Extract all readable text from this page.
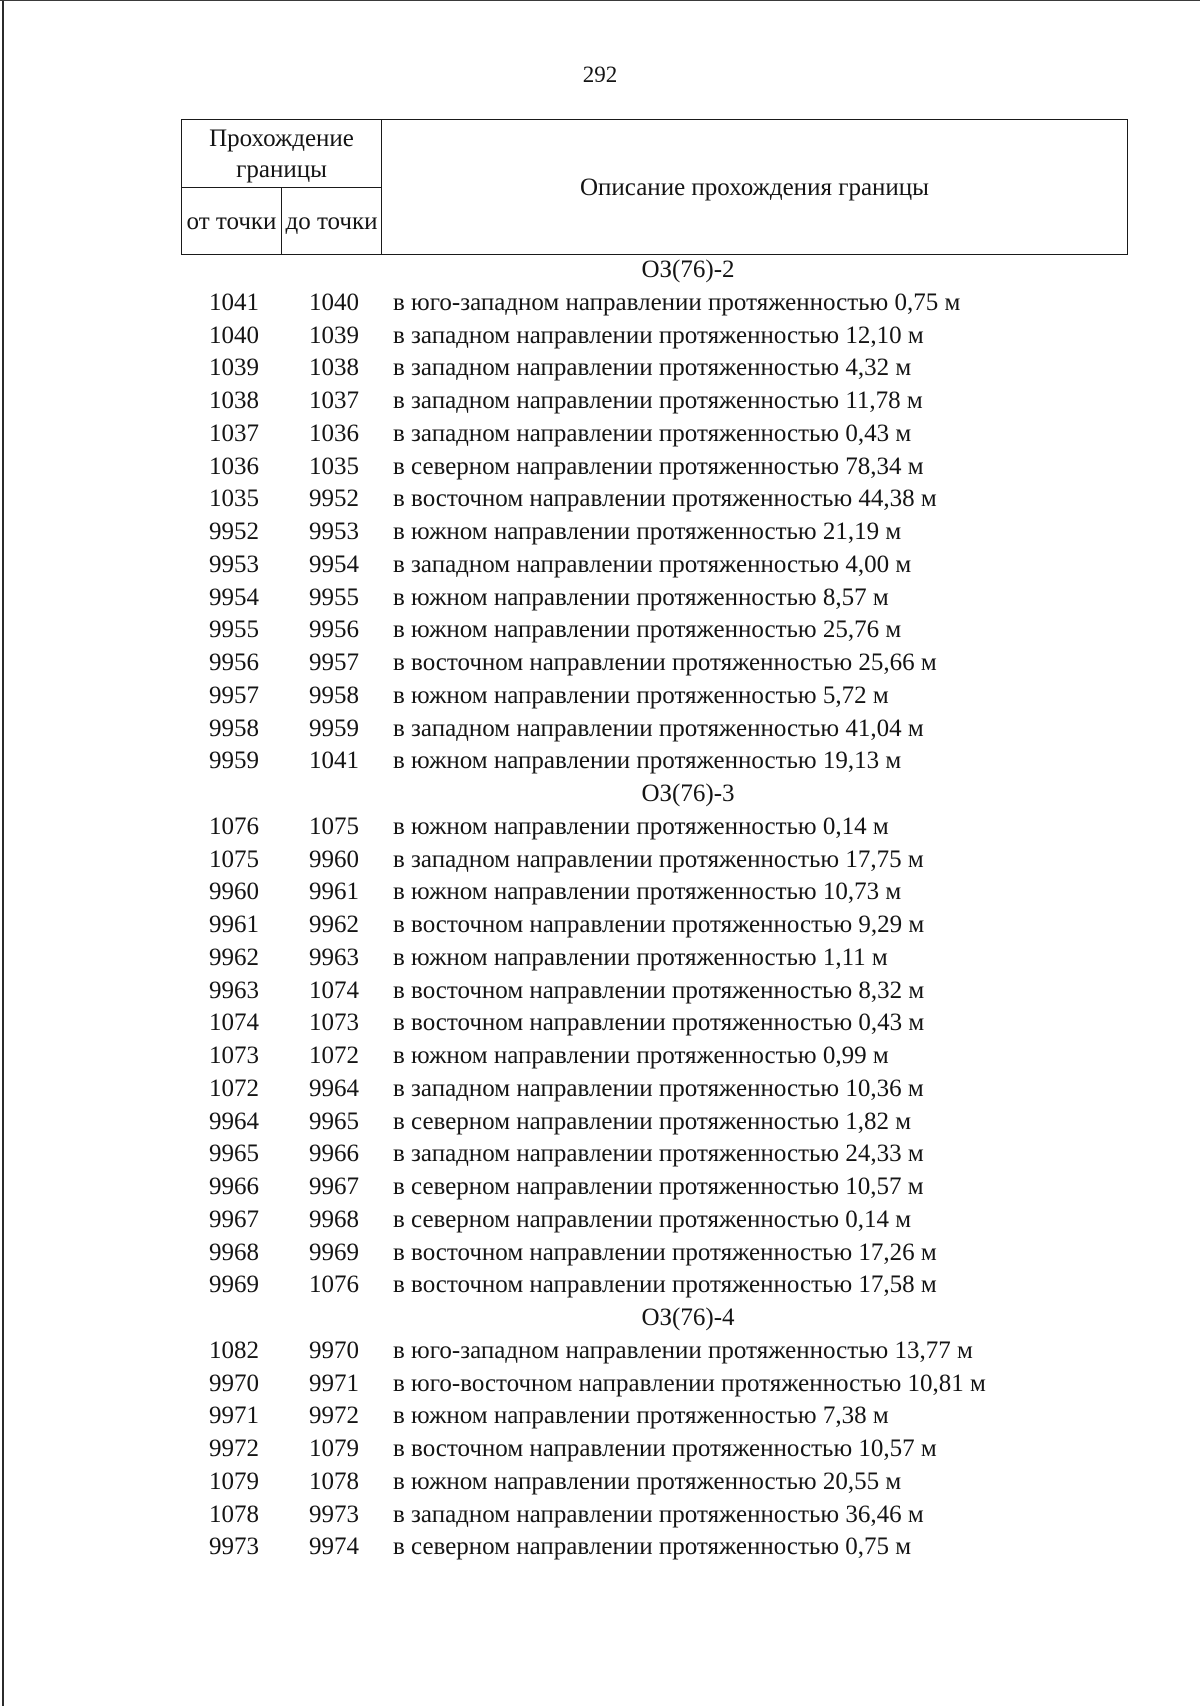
292
Прохождение границы		Описание прохождения границы
от точки	до точки	
ОЗ(76)-2
1041 1040 в юго-западном направлении протяженностью 0,75 м
1040 1039 в западном направлении протяженностью 12,10 м
1039 1038 в западном направлении протяженностью 4,32 м
1038 1037 в западном направлении протяженностью 11,78 м
1037 1036 в западном направлении протяженностью 0,43 м
1036 1035 в северном направлении протяженностью 78,34 м
1035 9952 в восточном направлении протяженностью 44,38 м
9952 9953 в южном направлении протяженностью 21,19 м
9953 9954 в западном направлении протяженностью 4,00 м
9954 9955 в южном направлении протяженностью 8,57 м
9955 9956 в южном направлении протяженностью 25,76 м
9956 9957 в восточном направлении протяженностью 25,66 м
9957 9958 в южном направлении протяженностью 5,72 м
9958 9959 в западном направлении протяженностью 41,04 м
9959 1041 в южном направлении протяженностью 19,13 м
ОЗ(76)-3
1076 1075 в южном направлении протяженностью 0,14 м
1075 9960 в западном направлении протяженностью 17,75 м
9960 9961 в южном направлении протяженностью 10,73 м
9961 9962 в восточном направлении протяженностью 9,29 м
9962 9963 в южном направлении протяженностью 1,11 м
9963 1074 в восточном направлении протяженностью 8,32 м
1074 1073 в восточном направлении протяженностью 0,43 м
1073 1072 в южном направлении протяженностью 0,99 м
1072 9964 в западном направлении протяженностью 10,36 м
9964 9965 в северном направлении протяженностью 1,82 м
9965 9966 в западном направлении протяженностью 24,33 м
9966 9967 в северном направлении протяженностью 10,57 м
9967 9968 в северном направлении протяженностью 0,14 м
9968 9969 в восточном направлении протяженностью 17,26 м
9969 1076 в восточном направлении протяженностью 17,58 м
ОЗ(76)-4
1082 9970 в юго-западном направлении протяженностью 13,77 м
9970 9971 в юго-восточном направлении протяженностью 10,81 м
9971 9972 в южном направлении протяженностью 7,38 м
9972 1079 в восточном направлении протяженностью 10,57 м
1079 1078 в южном направлении протяженностью 20,55 м
1078 9973 в западном направлении протяженностью 36,46 м
9973 9974 в северном направлении протяженностью 0,75 м
